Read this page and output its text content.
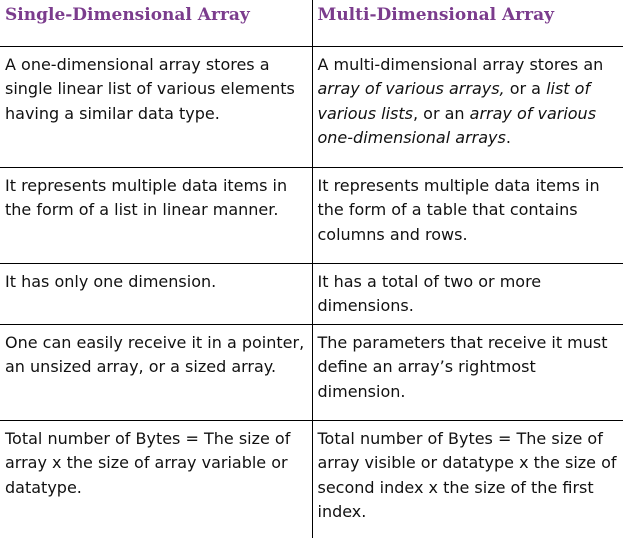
Single-Dimensional Array	Multi-Dimensional Array
A one-dimensional array stores a single linear list of various elements having a similar data type.	A multi-dimensional array stores an array of various arrays, or a list of various lists, or an array of various one-dimensional arrays.
It represents multiple data items in the form of a list in linear manner.	It represents multiple data items in the form of a table that contains columns and rows.
It has only one dimension.	It has a total of two or more dimensions.
One can easily receive it in a pointer, an unsized array, or a sized array.	The parameters that receive it must define an array’s rightmost dimension.
Total number of Bytes = The size of array x the size of array variable or datatype.	Total number of Bytes = The size of array visible or datatype x the size of second index x the size of the first index.
